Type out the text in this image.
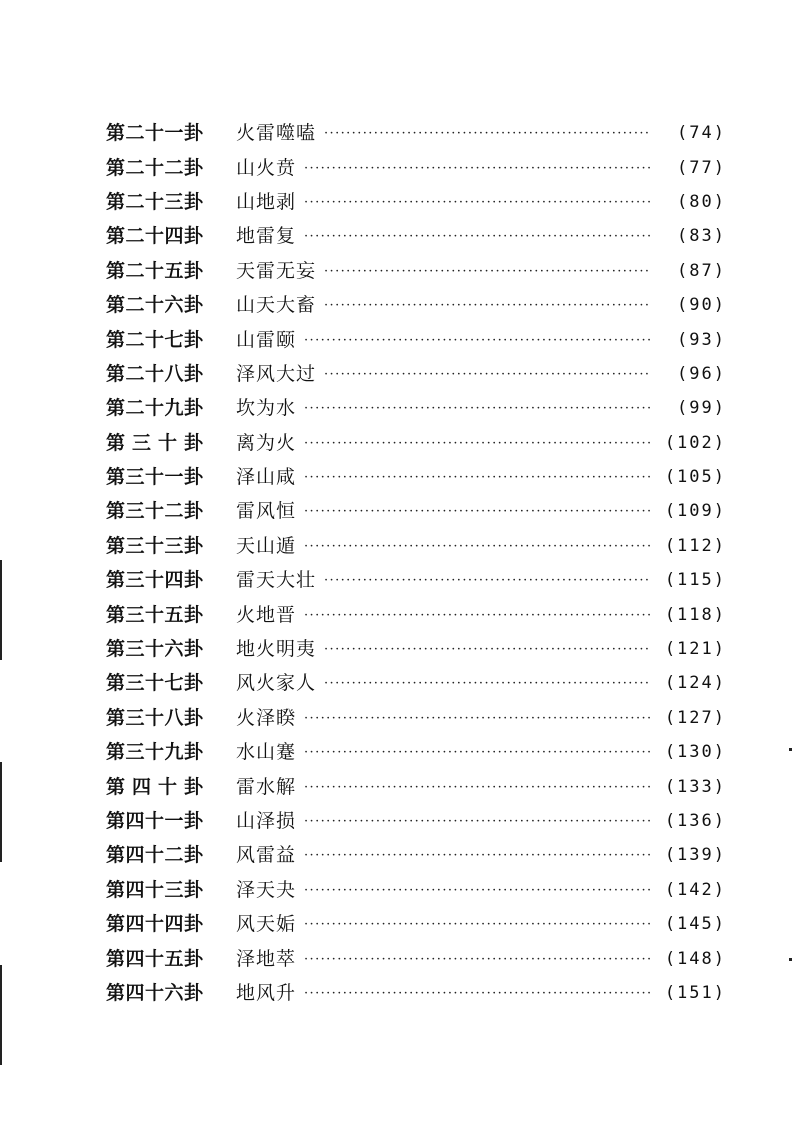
第二十一卦	火雷噬嗑 ·····	(74)
第二十二卦	山火贲 ·····	(77)
第二十三卦	山地剥 ·····	(80)
第二十四卦	地雷复 ·····	(83)
第二十五卦	天雷无妄 ·····	(87)
第二十六卦	山天大畜 ·····	(90)
第二十七卦	山雷颐 ·····	(93)
第二十八卦	泽风大过 ·····	(96)
第二十九卦	坎为水 ·····	(99)
第三十卦	离为火 ·····	(102)
第三十一卦	泽山咸 ·····	(105)
第三十二卦	雷风恒 ·····	(109)
第三十三卦	天山遁 ·····	(112)
第三十四卦	雷天大壮 ·····	(115)
第三十五卦	火地晋 ·····	(118)
第三十六卦	地火明夷 ·····	(121)
第三十七卦	风火家人 ·····	(124)
第三十八卦	火泽睽 ·····	(127)
第三十九卦	水山蹇 ·····	(130)
第四十卦	雷水解 ·····	(133)
第四十一卦	山泽损 ·····	(136)
第四十二卦	风雷益 ·····	(139)
第四十三卦	泽天夬 ·····	(142)
第四十四卦	风天姤 ·····	(145)
第四十五卦	泽地萃 ·····	(148)
第四十六卦	地风升 ·····	(151)
